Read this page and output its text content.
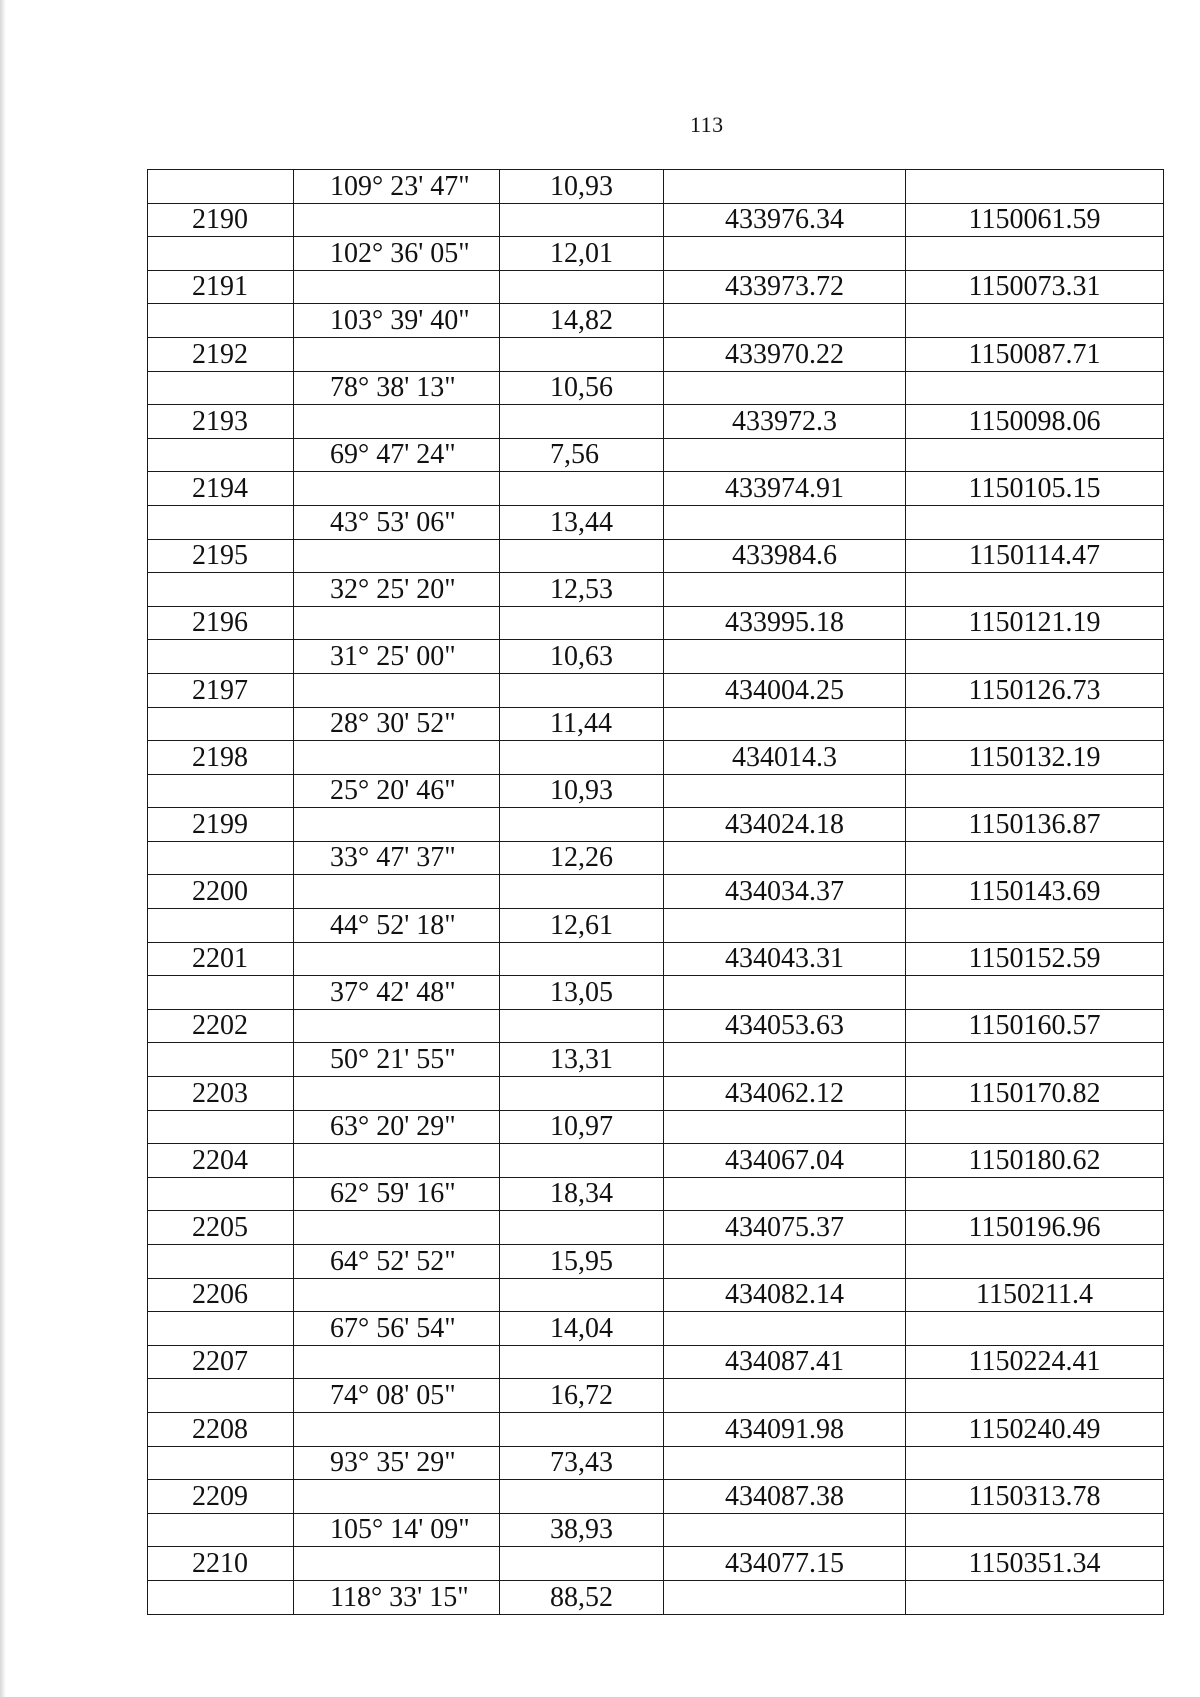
113
	109° 23' 47"	10,93		
2190			433976.34	1150061.59
	102° 36' 05"	12,01		
2191			433973.72	1150073.31
	103° 39' 40"	14,82		
2192			433970.22	1150087.71
	78° 38' 13"	10,56		
2193			433972.3	1150098.06
	69° 47' 24"	7,56		
2194			433974.91	1150105.15
	43° 53' 06"	13,44		
2195			433984.6	1150114.47
	32° 25' 20"	12,53		
2196			433995.18	1150121.19
	31° 25' 00"	10,63		
2197			434004.25	1150126.73
	28° 30' 52"	11,44		
2198			434014.3	1150132.19
	25° 20' 46"	10,93		
2199			434024.18	1150136.87
	33° 47' 37"	12,26		
2200			434034.37	1150143.69
	44° 52' 18"	12,61		
2201			434043.31	1150152.59
	37° 42' 48"	13,05		
2202			434053.63	1150160.57
	50° 21' 55"	13,31		
2203			434062.12	1150170.82
	63° 20' 29"	10,97		
2204			434067.04	1150180.62
	62° 59' 16"	18,34		
2205			434075.37	1150196.96
	64° 52' 52"	15,95		
2206			434082.14	1150211.4
	67° 56' 54"	14,04		
2207			434087.41	1150224.41
	74° 08' 05"	16,72		
2208			434091.98	1150240.49
	93° 35' 29"	73,43		
2209			434087.38	1150313.78
	105° 14' 09"	38,93		
2210			434077.15	1150351.34
	118° 33' 15"	88,52		
